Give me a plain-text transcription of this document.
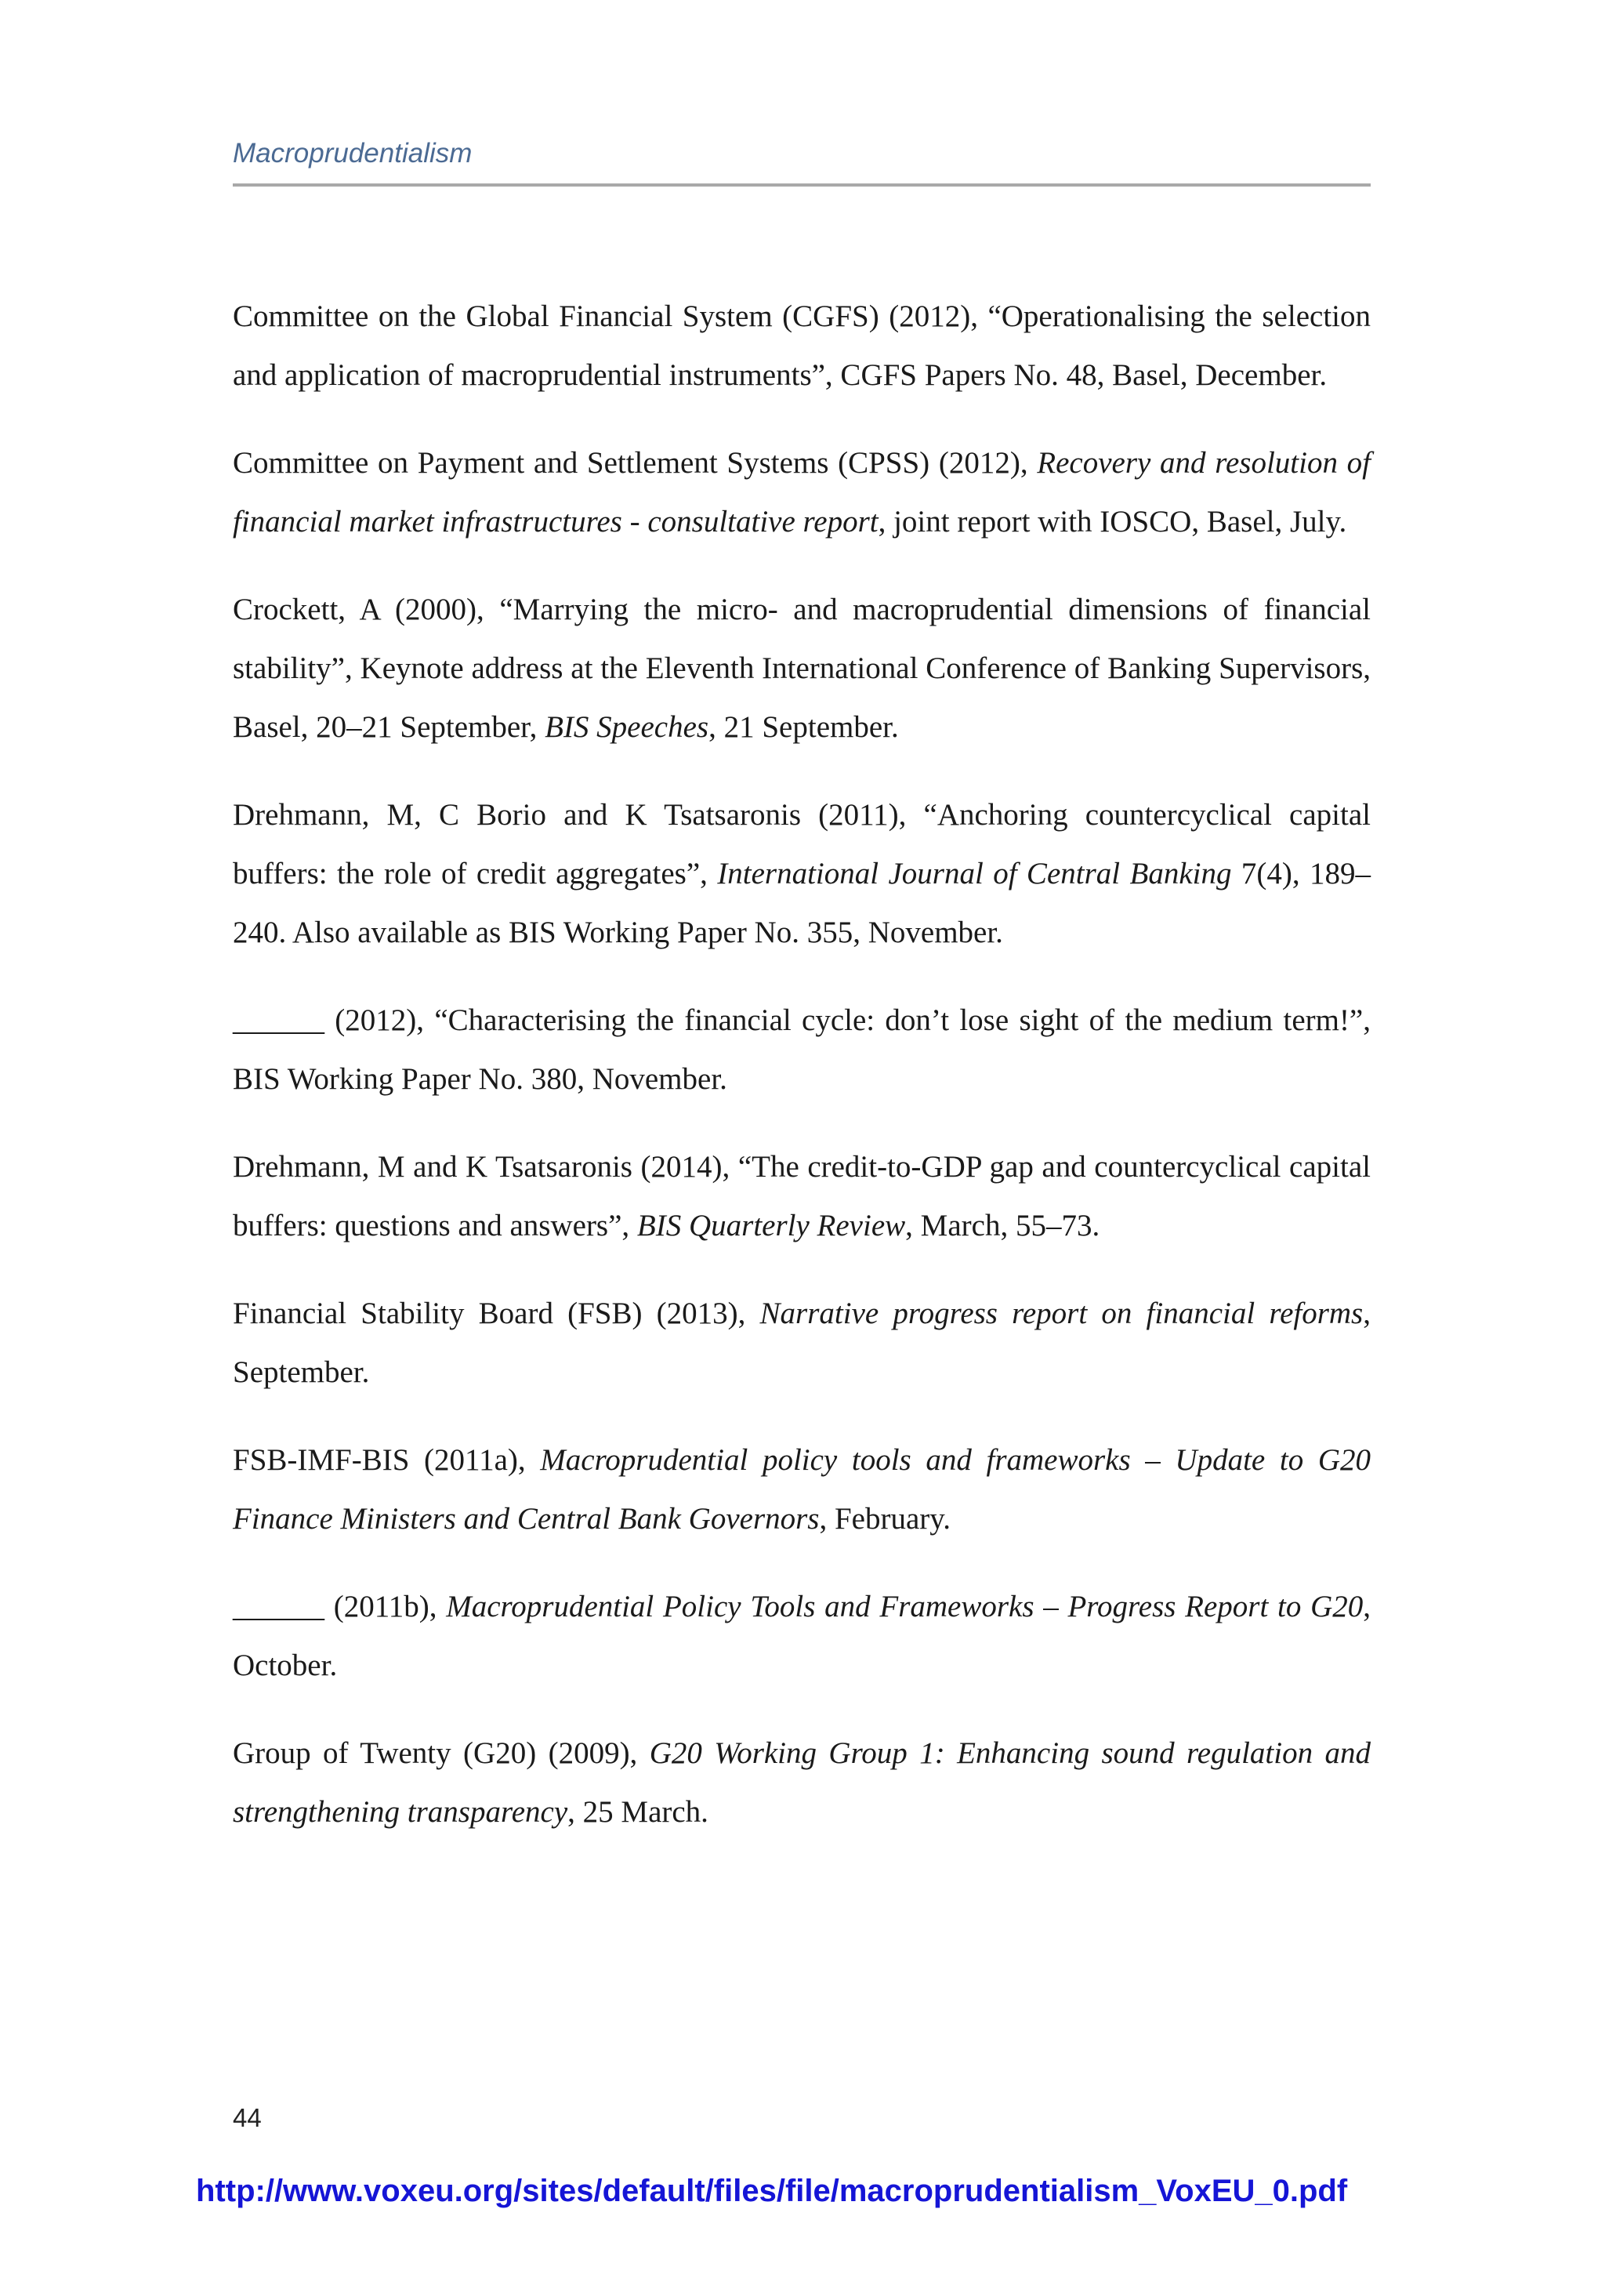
Macroprudentialism

Committee on the Global Financial System (CGFS) (2012), “Operationalising the selection and application of macroprudential instruments”, CGFS Papers No. 48, Basel, December.

Committee on Payment and Settlement Systems (CPSS) (2012), Recovery and resolution of financial market infrastructures - consultative report, joint report with IOSCO, Basel, July.

Crockett, A (2000), “Marrying the micro- and macroprudential dimensions of financial stability”, Keynote address at the Eleventh International Conference of Banking Supervisors, Basel, 20–21 September, BIS Speeches, 21 September.

Drehmann, M, C Borio and K Tsatsaronis (2011), “Anchoring countercyclical capital buffers: the role of credit aggregates”, International Journal of Central Banking 7(4), 189–240. Also available as BIS Working Paper No. 355, November.

______ (2012), “Characterising the financial cycle: don’t lose sight of the medium term!”, BIS Working Paper No. 380, November.

Drehmann, M and K Tsatsaronis (2014), “The credit-to-GDP gap and countercyclical capital buffers: questions and answers”, BIS Quarterly Review, March, 55–73.

Financial Stability Board (FSB) (2013), Narrative progress report on financial reforms, September.

FSB-IMF-BIS (2011a), Macroprudential policy tools and frameworks – Update to G20 Finance Ministers and Central Bank Governors, February.

______ (2011b), Macroprudential Policy Tools and Frameworks – Progress Report to G20, October.

Group of Twenty (G20) (2009), G20 Working Group 1: Enhancing sound regulation and strengthening transparency, 25 March.

44
http://www.voxeu.org/sites/default/files/file/macroprudentialism_VoxEU_0.pdf
